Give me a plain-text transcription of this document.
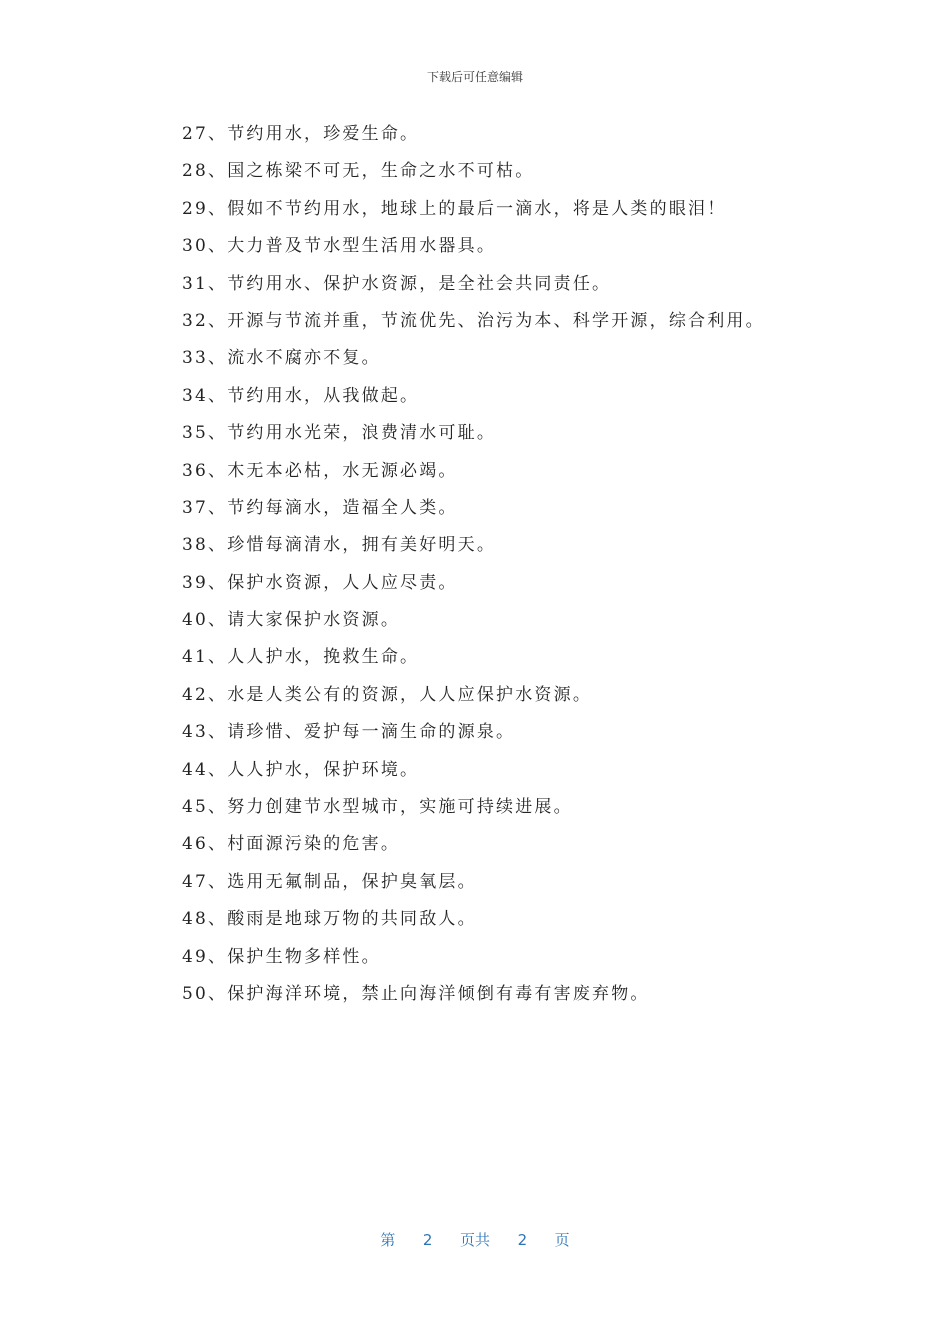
下载后可任意编辑
27、节约用水，珍爱生命。
28、国之栋梁不可无，生命之水不可枯。
29、假如不节约用水，地球上的最后一滴水，将是人类的眼泪！
30、大力普及节水型生活用水器具。
31、节约用水、保护水资源，是全社会共同责任。
32、开源与节流并重，节流优先、治污为本、科学开源，综合利用。
33、流水不腐亦不复。
34、节约用水，从我做起。
35、节约用水光荣，浪费清水可耻。
36、木无本必枯，水无源必竭。
37、节约每滴水，造福全人类。
38、珍惜每滴清水，拥有美好明天。
39、保护水资源，人人应尽责。
40、请大家保护水资源。
41、人人护水，挽救生命。
42、水是人类公有的资源，人人应保护水资源。
43、请珍惜、爱护每一滴生命的源泉。
44、人人护水，保护环境。
45、努力创建节水型城市，实施可持续进展。
46、村面源污染的危害。
47、选用无氟制品，保护臭氧层。
48、酸雨是地球万物的共同敌人。
49、保护生物多样性。
50、保护海洋环境，禁止向海洋倾倒有毒有害废弃物。
第 2 页共 2 页
